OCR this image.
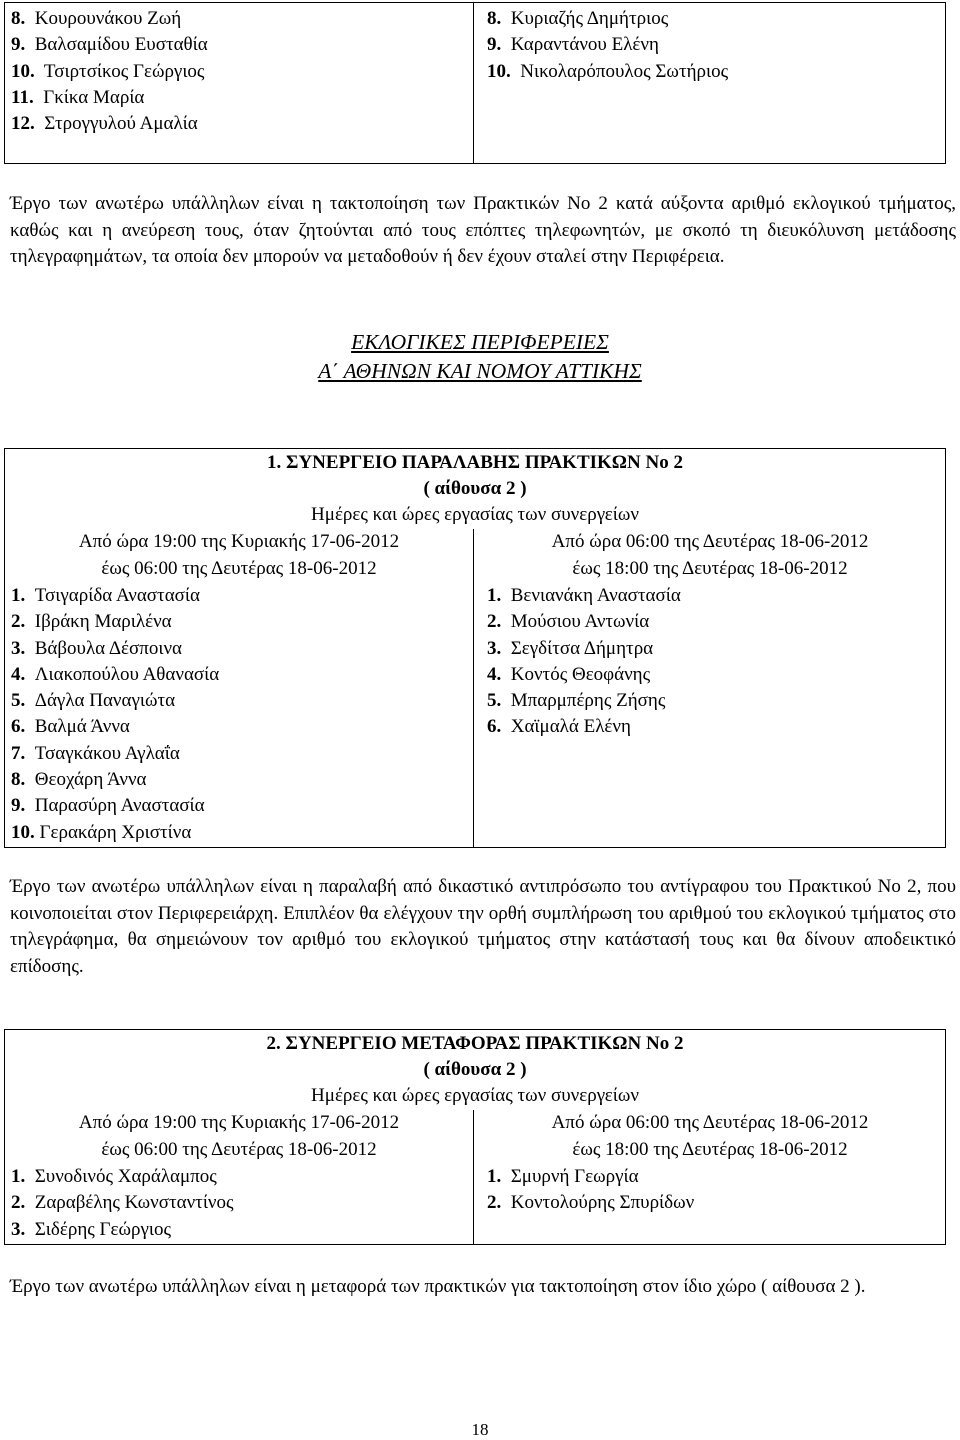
8. Κουρουνάκου Ζωή
9. Βαλσαμίδου Ευσταθία
10. Τσιρτσίκος Γεώργιος
11. Γκίκα Μαρία
12. Στρογγυλού Αμαλία
8. Κυριαζής Δημήτριος
9. Καραντάνου Ελένη
10. Νικολαρόπουλος Σωτήριος
Έργο των ανωτέρω υπάλληλων είναι η τακτοποίηση των Πρακτικών Νο 2 κατά αύξοντα αριθμό εκλογικού τμήματος, καθώς και η ανεύρεση τους, όταν ζητούνται από τους επόπτες τηλεφωνητών, με σκοπό τη διευκόλυνση μετάδοσης τηλεγραφημάτων, τα οποία δεν μπορούν να μεταδοθούν ή δεν έχουν σταλεί στην Περιφέρεια.
ΕΚΛΟΓΙΚΕΣ ΠΕΡΙΦΕΡΕΙΕΣ
Α΄ ΑΘΗΝΩΝ ΚΑΙ ΝΟΜΟΥ ΑΤΤΙΚΗΣ
1. ΣΥΝΕΡΓΕΙΟ ΠΑΡΑΛΑΒΗΣ ΠΡΑΚΤΙΚΩΝ Νο 2
( αίθουσα 2 )
Ημέρες και ώρες εργασίας των συνεργείων
Από ώρα 19:00 της Κυριακής 17-06-2012
έως 06:00 της Δευτέρας 18-06-2012
Από ώρα 06:00 της Δευτέρας 18-06-2012
έως 18:00 της Δευτέρας 18-06-2012
1. Τσιγαρίδα Αναστασία
2. Ιβράκη Μαριλένα
3. Βάβουλα Δέσποινα
4. Λιακοπούλου Αθανασία
5. Δάγλα Παναγιώτα
6. Βαλμά Άννα
7. Τσαγκάκου Αγλαΐα
8. Θεοχάρη Άννα
9. Παρασύρη Αναστασία
10. Γερακάρη Χριστίνα
1. Βενιανάκη Αναστασία
2. Μούσιου Αντωνία
3. Σεγδίτσα Δήμητρα
4. Κοντός Θεοφάνης
5. Μπαρμπέρης Ζήσης
6. Χαϊμαλά Ελένη
Έργο των ανωτέρω υπάλληλων είναι η παραλαβή από δικαστικό αντιπρόσωπο του αντίγραφου του Πρακτικού Νο 2, που κοινοποιείται στον Περιφερειάρχη. Επιπλέον θα ελέγχουν την ορθή συμπλήρωση του αριθμού του εκλογικού τμήματος στο τηλεγράφημα, θα σημειώνουν τον αριθμό του εκλογικού τμήματος στην κατάστασή τους και θα δίνουν αποδεικτικό επίδοσης.
2. ΣΥΝΕΡΓΕΙΟ ΜΕΤΑΦΟΡΑΣ ΠΡΑΚΤΙΚΩΝ Νο 2
( αίθουσα 2 )
Ημέρες και ώρες εργασίας των συνεργείων
Από ώρα 19:00 της Κυριακής 17-06-2012
έως 06:00 της Δευτέρας 18-06-2012
Από ώρα 06:00 της Δευτέρας 18-06-2012
έως 18:00 της Δευτέρας 18-06-2012
1. Συνοδινός Χαράλαμπος
2. Ζαραβέλης Κωνσταντίνος
3. Σιδέρης Γεώργιος
1. Σμυρνή Γεωργία
2. Κοντολούρης Σπυρίδων
Έργο των ανωτέρω υπάλληλων είναι η μεταφορά των πρακτικών για τακτοποίηση στον ίδιο χώρο ( αίθουσα 2 ).
18
